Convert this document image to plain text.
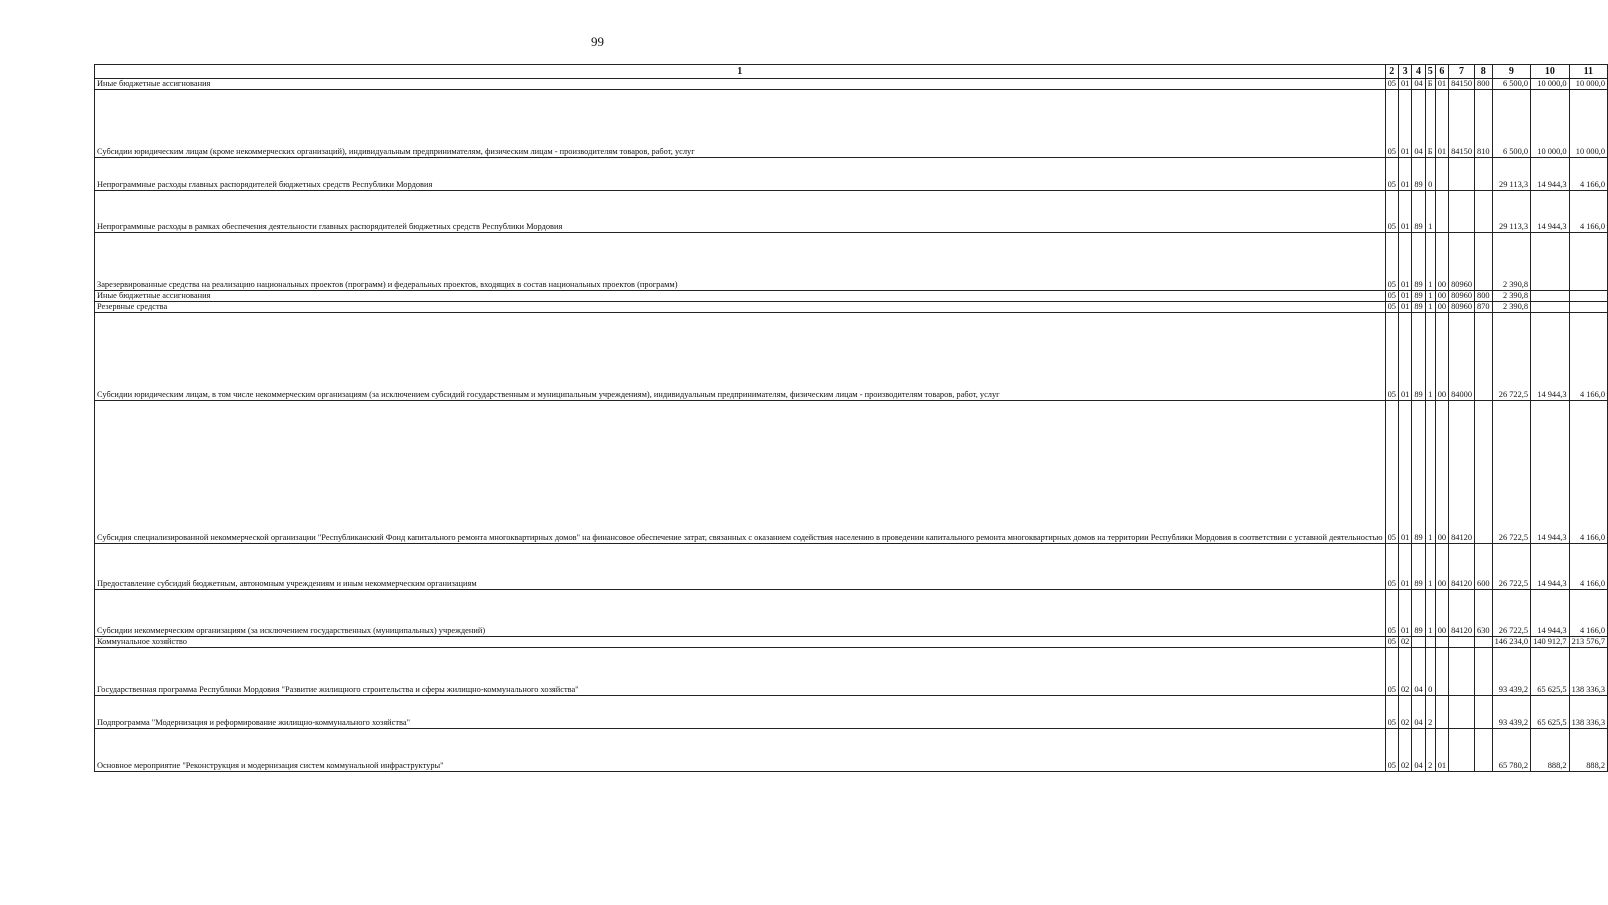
99
1	2	3	4	5	6	7	8	9	10	11
Иные бюджетные ассигнования	05	01	04	Б	01	84150	800	6 500,0	10 000,0	10 000,0
Субсидии юридическим лицам (кроме некоммерческих организаций), индивидуальным предпринимателям, физическим лицам - производителям товаров, работ, услуг	05	01	04	Б	01	84150	810	6 500,0	10 000,0	10 000,0
Непрограммные расходы главных распорядителей бюджетных средств Республики Мордовия	05	01	89	0				29 113,3	14 944,3	4 166,0
Непрограммные расходы в рамках обеспечения деятельности главных распорядителей бюджетных средств Республики Мордовия	05	01	89	1				29 113,3	14 944,3	4 166,0
Зарезервированные средства на реализацию национальных проектов (программ) и федеральных проектов, входящих в состав национальных проектов (программ)	05	01	89	1	00	80960		2 390,8		
Иные бюджетные ассигнования	05	01	89	1	00	80960	800	2 390,8		
Резервные средства	05	01	89	1	00	80960	870	2 390,8		
Субсидии юридическим лицам, в том числе некоммерческим организациям (за исключением субсидий государственным и муниципальным учреждениям), индивидуальным предпринимателям, физическим лицам - производителям товаров, работ, услуг	05	01	89	1	00	84000		26 722,5	14 944,3	4 166,0
Субсидия специализированной некоммерческой организации "Республиканский Фонд капитального ремонта многоквартирных домов" на финансовое обеспечение затрат, связанных с оказанием содействия населению в проведении капитального ремонта многоквартирных домов на территории Республики Мордовия в соответствии с уставной деятельностью	05	01	89	1	00	84120		26 722,5	14 944,3	4 166,0
Предоставление субсидий бюджетным, автономным учреждениям и иным некоммерческим организациям	05	01	89	1	00	84120	600	26 722,5	14 944,3	4 166,0
Субсидии некоммерческим организациям (за исключением государственных (муниципальных) учреждений)	05	01	89	1	00	84120	630	26 722,5	14 944,3	4 166,0
Коммунальное хозяйство	05	02						146 234,0	140 912,7	213 576,7
Государственная программа Республики Мордовия "Развитие жилищного строительства и сферы жилищно-коммунального хозяйства"	05	02	04	0				93 439,2	65 625,5	138 336,3
Подпрограмма "Модернизация и реформирование жилищно-коммунального хозяйства"	05	02	04	2				93 439,2	65 625,5	138 336,3
Основное мероприятие "Реконструкция и модернизация систем коммунальной инфраструктуры"	05	02	04	2	01			65 780,2	888,2	888,2
